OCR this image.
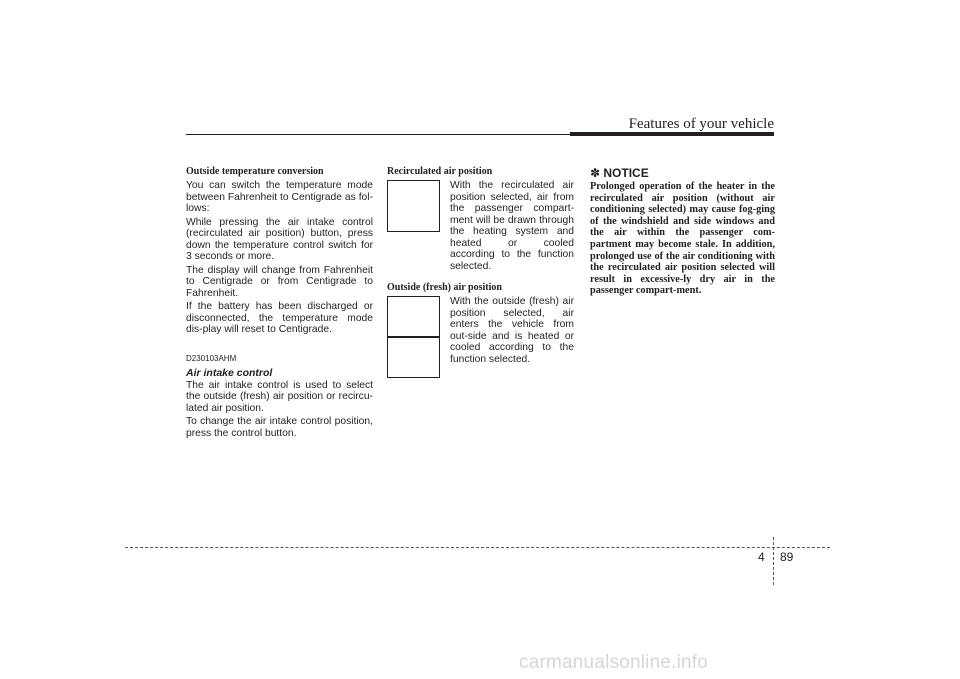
Features of your vehicle

Outside temperature conversion

You can switch the temperature mode between Fahrenheit to Centigrade as fol-lows:

While pressing the air intake control (recirculated air position) button, press down the temperature control switch for 3 seconds or more.

The display will change from Fahrenheit to Centigrade or from Centigrade to Fahrenheit.

If the battery has been discharged or disconnected, the temperature mode dis-play will reset to Centigrade.

D230103AHM

Air intake control

The air intake control is used to select the outside (fresh) air position or recircu-lated air position.

To change the air intake control position, press the control button.

Recirculated air position

With the recirculated air position selected, air from the passenger compart-ment will be drawn through the heating system and heated or cooled according to the function selected.

Outside (fresh) air position

With the outside (fresh) air position selected, air enters the vehicle from out-side and is heated or cooled according to the function selected.

✽ NOTICE

Prolonged operation of the heater in the recirculated air position (without air conditioning selected) may cause fog-ging of the windshield and side windows and the air within the passenger com-partment may become stale. In addition, prolonged use of the air conditioning with the recirculated air position selected will result in excessive-ly dry air in the passenger compart-ment.

4 89
carmanualsonline.info
